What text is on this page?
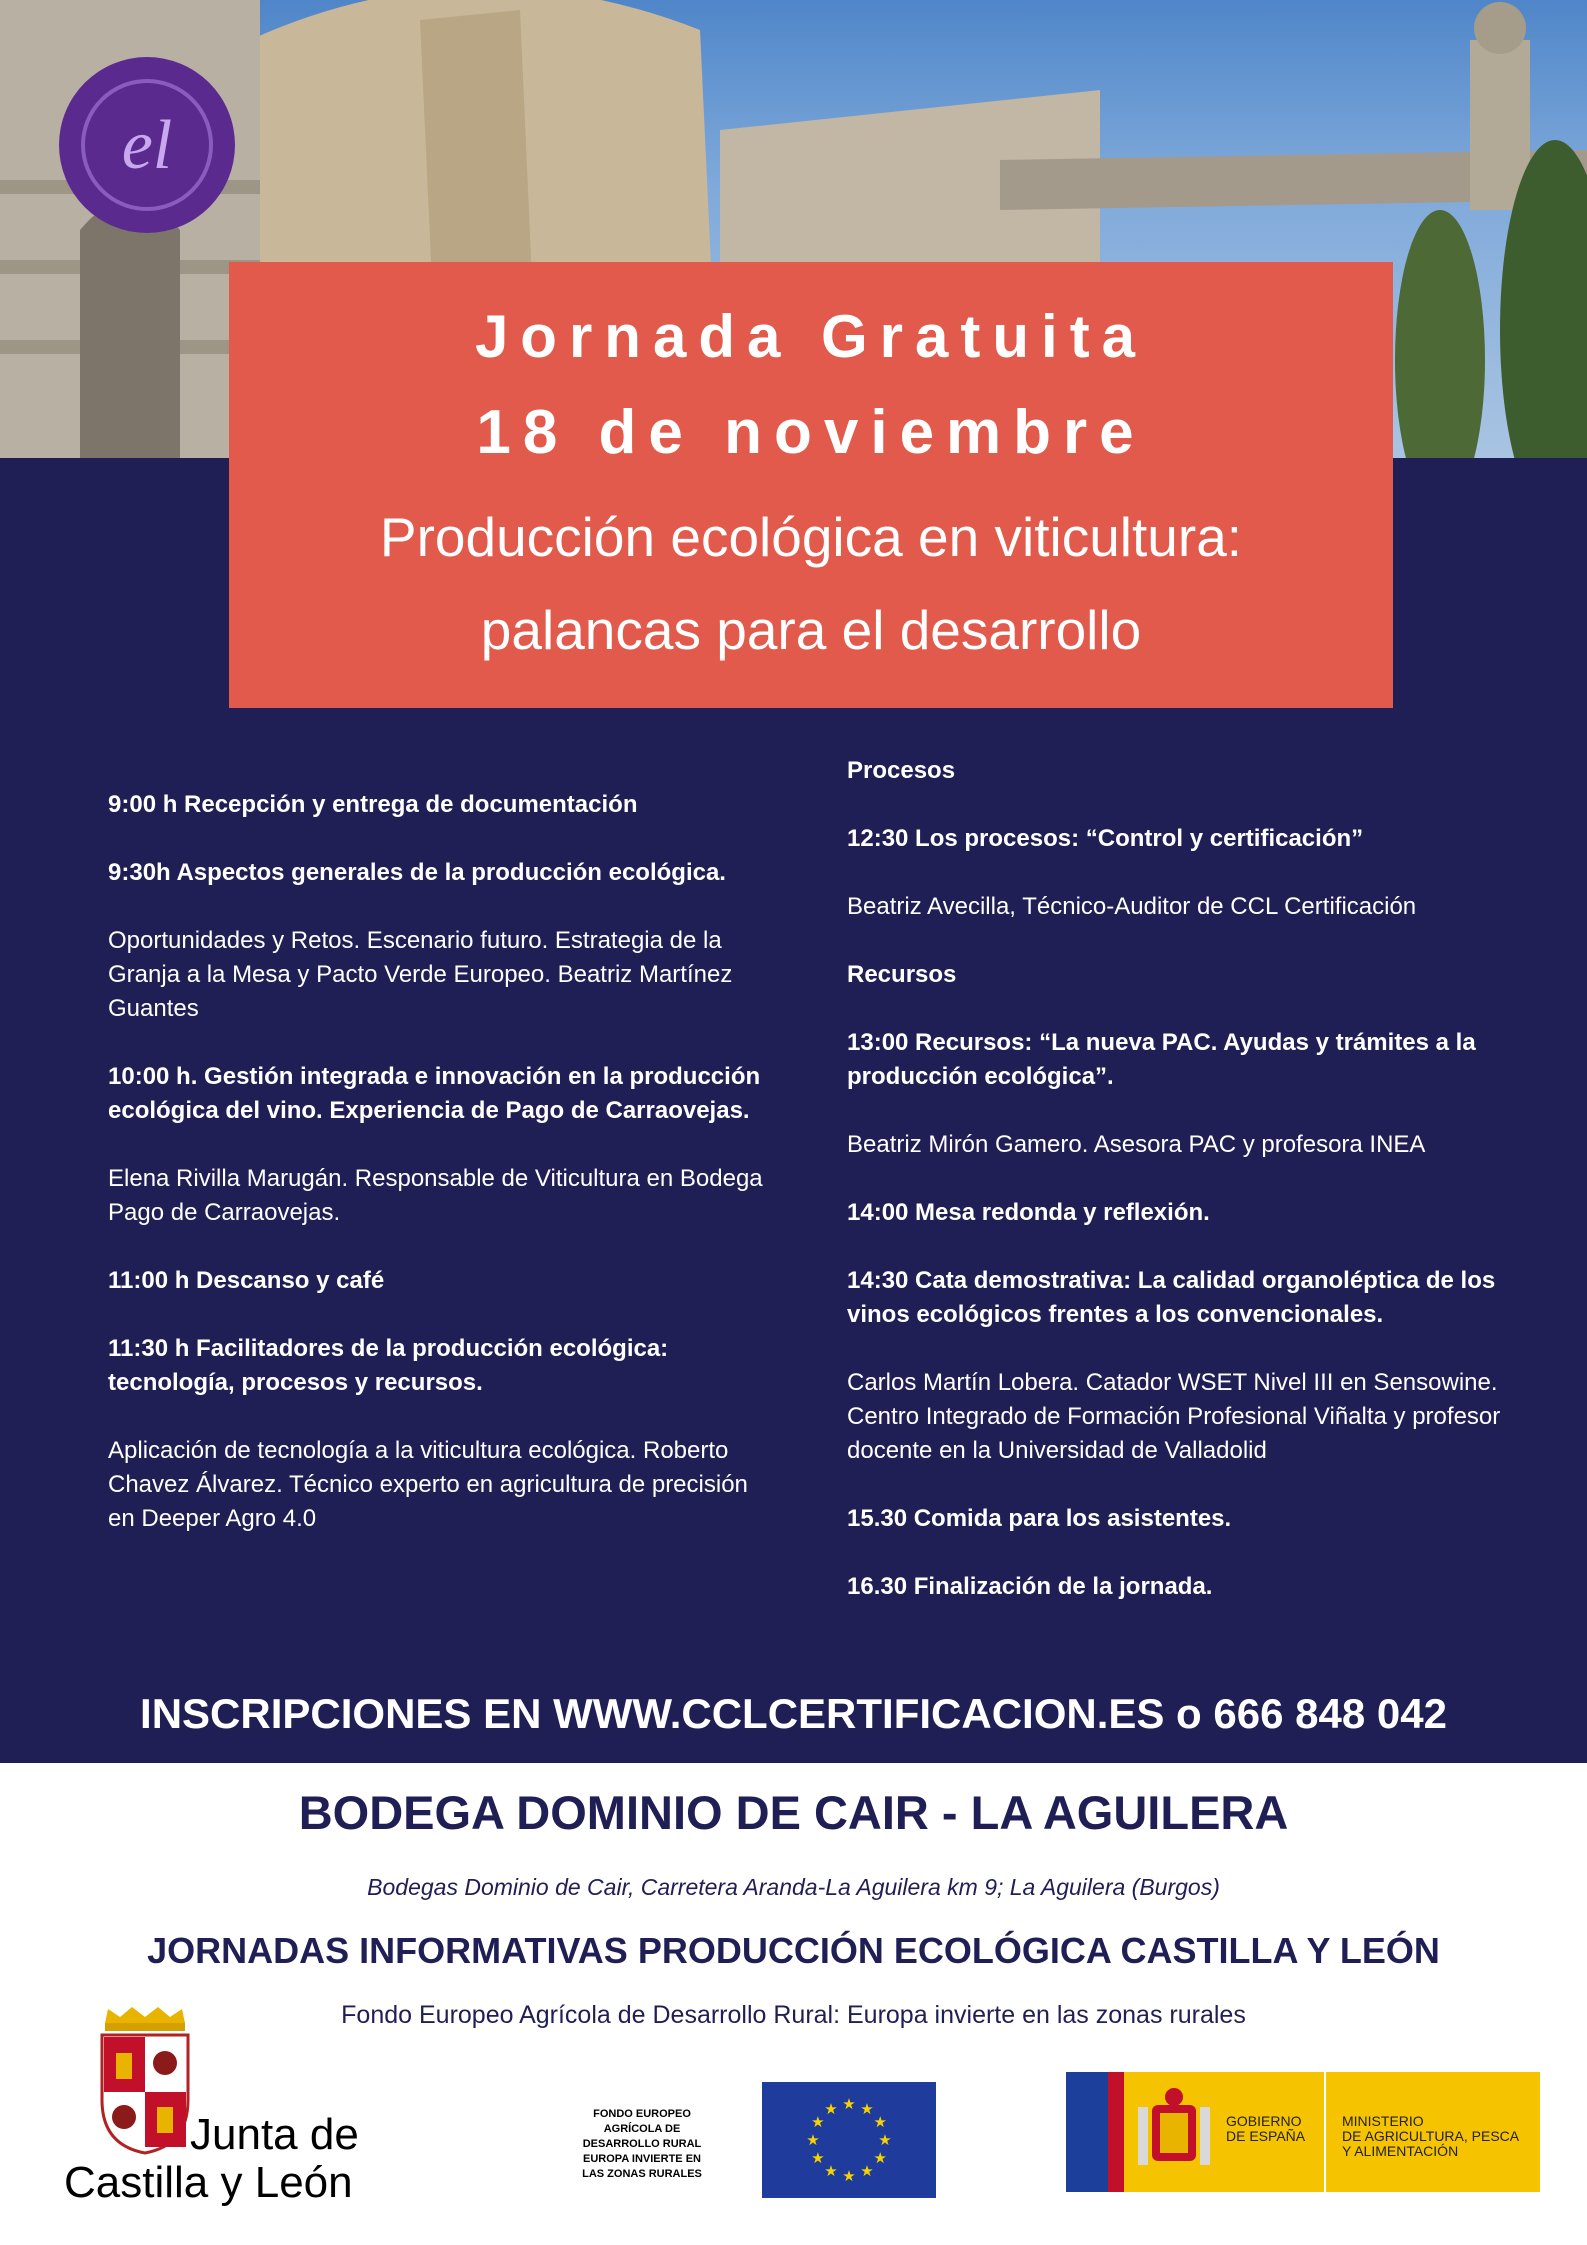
el
Jornada Gratuita
18 de noviembre
Producción ecológica en viticultura:
palancas para el desarrollo

9:00 h Recepción y entrega de documentación

9:30h Aspectos generales de la producción ecológica.

Oportunidades y Retos. Escenario futuro. Estrategia de la Granja a la Mesa y Pacto Verde Europeo. Beatriz Martínez Guantes

10:00 h. Gestión integrada e innovación en la producción ecológica del vino. Experiencia de Pago de Carraovejas.

Elena Rivilla Marugán. Responsable de Viticultura en Bodega Pago de Carraovejas.

11:00 h Descanso y café

11:30 h Facilitadores de la producción ecológica: tecnología, procesos y recursos.

Aplicación de tecnología a la viticultura ecológica. Roberto Chavez Álvarez. Técnico experto en agricultura de precisión en Deeper Agro 4.0

Procesos

12:30 Los procesos: “Control y certificación”

Beatriz Avecilla, Técnico-Auditor de CCL Certificación

Recursos

13:00 Recursos: “La nueva PAC. Ayudas y trámites a la producción ecológica”.

Beatriz Mirón Gamero. Asesora PAC y profesora INEA

14:00 Mesa redonda y reflexión.

14:30 Cata demostrativa: La calidad organoléptica de los vinos ecológicos frentes a los convencionales.

Carlos Martín Lobera. Catador WSET Nivel III en Sensowine. Centro Integrado de Formación Profesional Viñalta y profesor docente en la Universidad de Valladolid

15.30 Comida para los asistentes.

16.30 Finalización de la jornada.

INSCRIPCIONES EN WWW.CCLCERTIFICACION.ES o 666 848 042
BODEGA DOMINIO DE CAIR - LA AGUILERA
Bodegas Dominio de Cair, Carretera Aranda-La Aguilera km 9; La Aguilera (Burgos)
JORNADAS INFORMATIVAS PRODUCCIÓN ECOLÓGICA CASTILLA Y LEÓN
Fondo Europeo Agrícola de Desarrollo Rural: Europa invierte en las zonas rurales
Junta de
Castilla y León
FONDO EUROPEO
AGRÍCOLA DE
DESARROLLO RURAL
EUROPA INVIERTE EN
LAS ZONAS RURALES
★ ★
★
★
★
★
★
★
★
★
★
★
GOBIERNO
DE ESPAÑA
MINISTERIO
DE AGRICULTURA, PESCA
Y ALIMENTACIÓN
